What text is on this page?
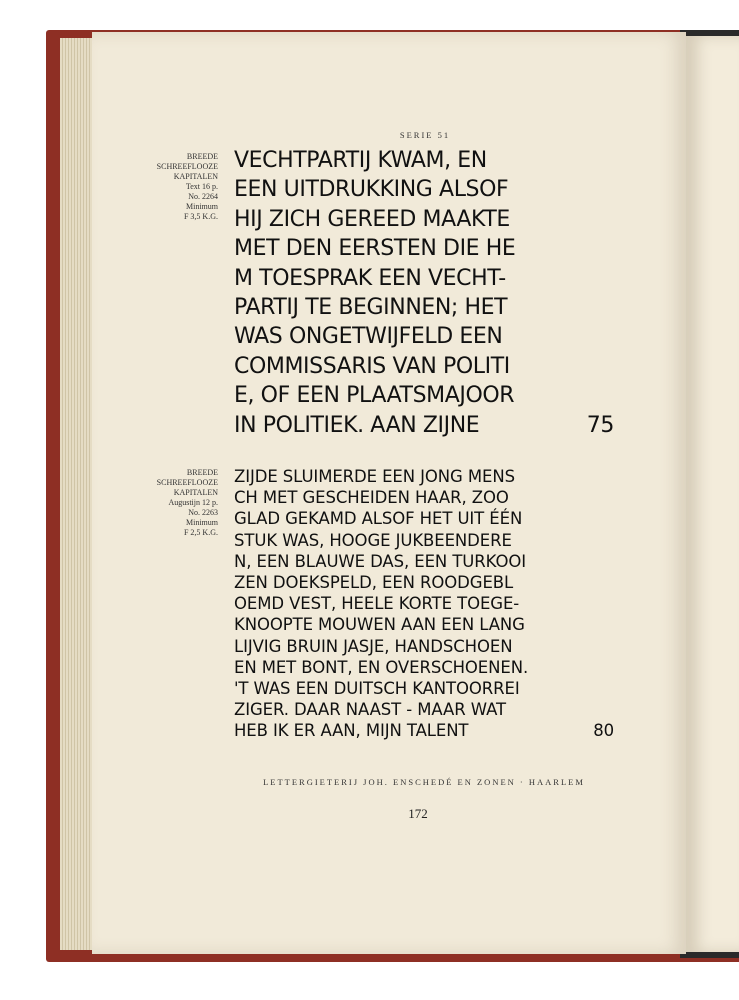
SERIE 51
BREEDE
SCHREEFLOOZE
KAPITALEN
Text 16 p.
No. 2264
Minimum
F 3,5 K.G.
VECHTPARTIJ KWAM, EN
EEN UITDRUKKING ALSOF
HIJ ZICH GEREED MAAKTE
MET DEN EERSTEN DIE HE
M TOESPRAK EEN VECHT-
PARTIJ TE BEGINNEN; HET
WAS ONGETWIJFELD EEN
COMMISSARIS VAN POLITI
E, OF EEN PLAATSMAJOOR
IN POLITIEK. AAN ZIJNE	75
BREEDE
SCHREEFLOOZE
KAPITALEN
Augustijn 12 p.
No. 2263
Minimum
F 2,5 K.G.
ZIJDE SLUIMERDE EEN JONG MENS
CH MET GESCHEIDEN HAAR, ZOO
GLAD GEKAMD ALSOF HET UIT ÉÉN
STUK WAS, HOOGE JUKBEENDERE
N, EEN BLAUWE DAS, EEN TURKOOI
ZEN DOEKSPELD, EEN ROODGEBL
OEMD VEST, HEELE KORTE TOEGE-
KNOOPTE MOUWEN AAN EEN LANG
LIJVIG BRUIN JASJE, HANDSCHOEN
EN MET BONT, EN OVERSCHOENEN.
'T WAS EEN DUITSCH KANTOORREI
ZIGER. DAAR NAAST - MAAR WAT
HEB IK ER AAN, MIJN TALENT	80
LETTERGIETERIJ JOH. ENSCHEDÉ EN ZONEN · HAARLEM
172
